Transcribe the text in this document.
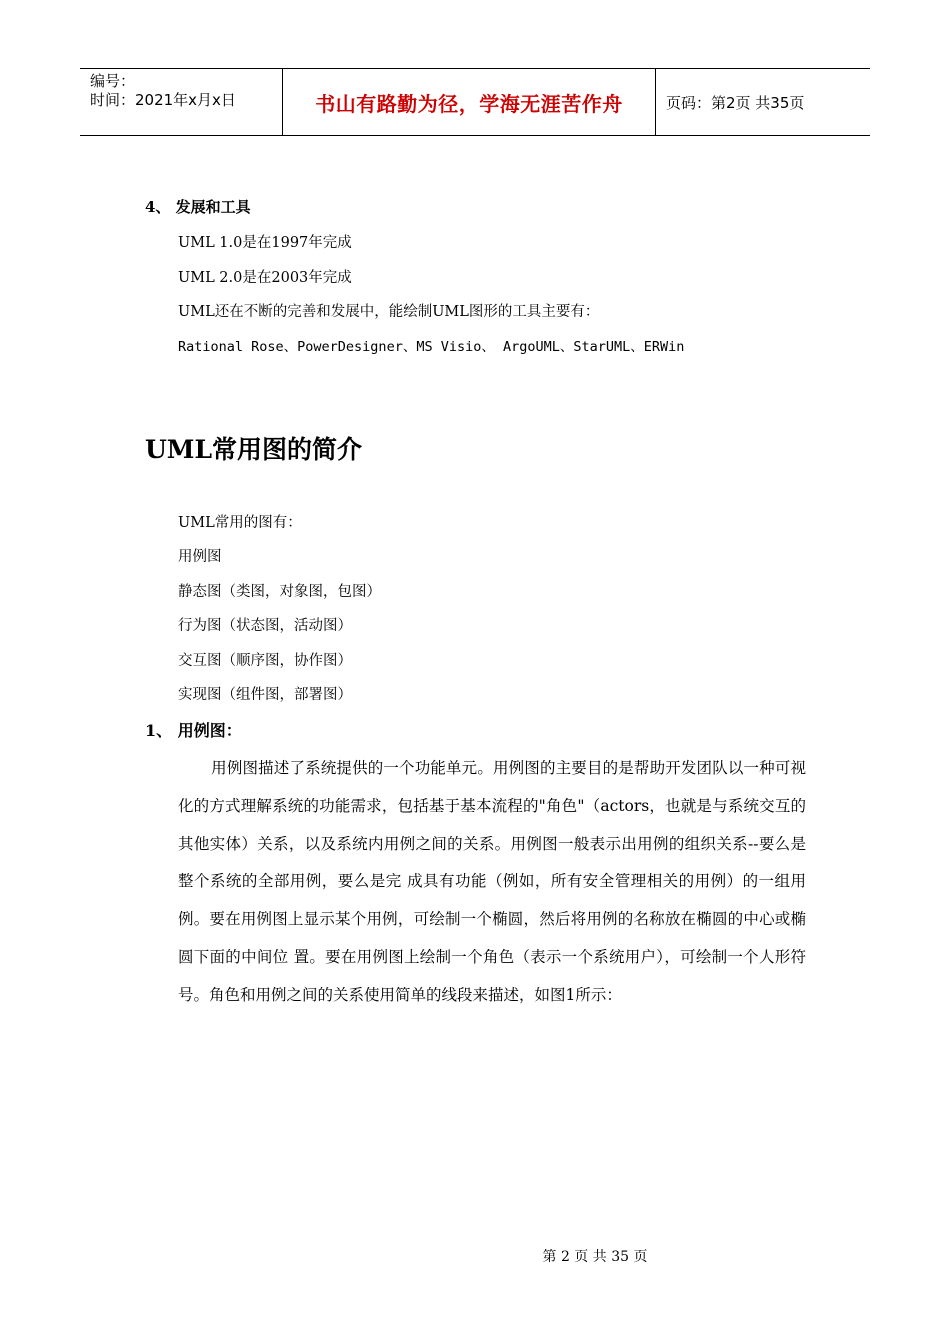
编号：
时间：2021年x月x日	书山有路勤为径，学海无涯苦作舟	页码：第2页 共35页
4、 发展和工具
UML 1.0是在1997年完成
UML 2.0是在2003年完成
UML还在不断的完善和发展中，能绘制UML图形的工具主要有：
Rational Rose、PowerDesigner、MS Visio、 ArgoUML、StarUML、ERWin
UML常用图的简介
UML常用的图有：
用例图
静态图（类图，对象图，包图）
行为图（状态图，活动图）
交互图（顺序图，协作图）
实现图（组件图，部署图）
1、 用例图：
用例图描述了系统提供的一个功能单元。用例图的主要目的是帮助开发团队以一种可视化的方式理解系统的功能需求，包括基于基本流程的"角色"（actors，也就是与系统交互的其他实体）关系，以及系统内用例之间的关系。用例图一般表示出用例的组织关系--要么是整个系统的全部用例，要么是完 成具有功能（例如，所有安全管理相关的用例）的一组用例。要在用例图上显示某个用例，可绘制一个椭圆，然后将用例的名称放在椭圆的中心或椭圆下面的中间位 置。要在用例图上绘制一个角色（表示一个系统用户），可绘制一个人形符号。角色和用例之间的关系使用简单的线段来描述，如图1所示：
第 2 页 共 35 页
